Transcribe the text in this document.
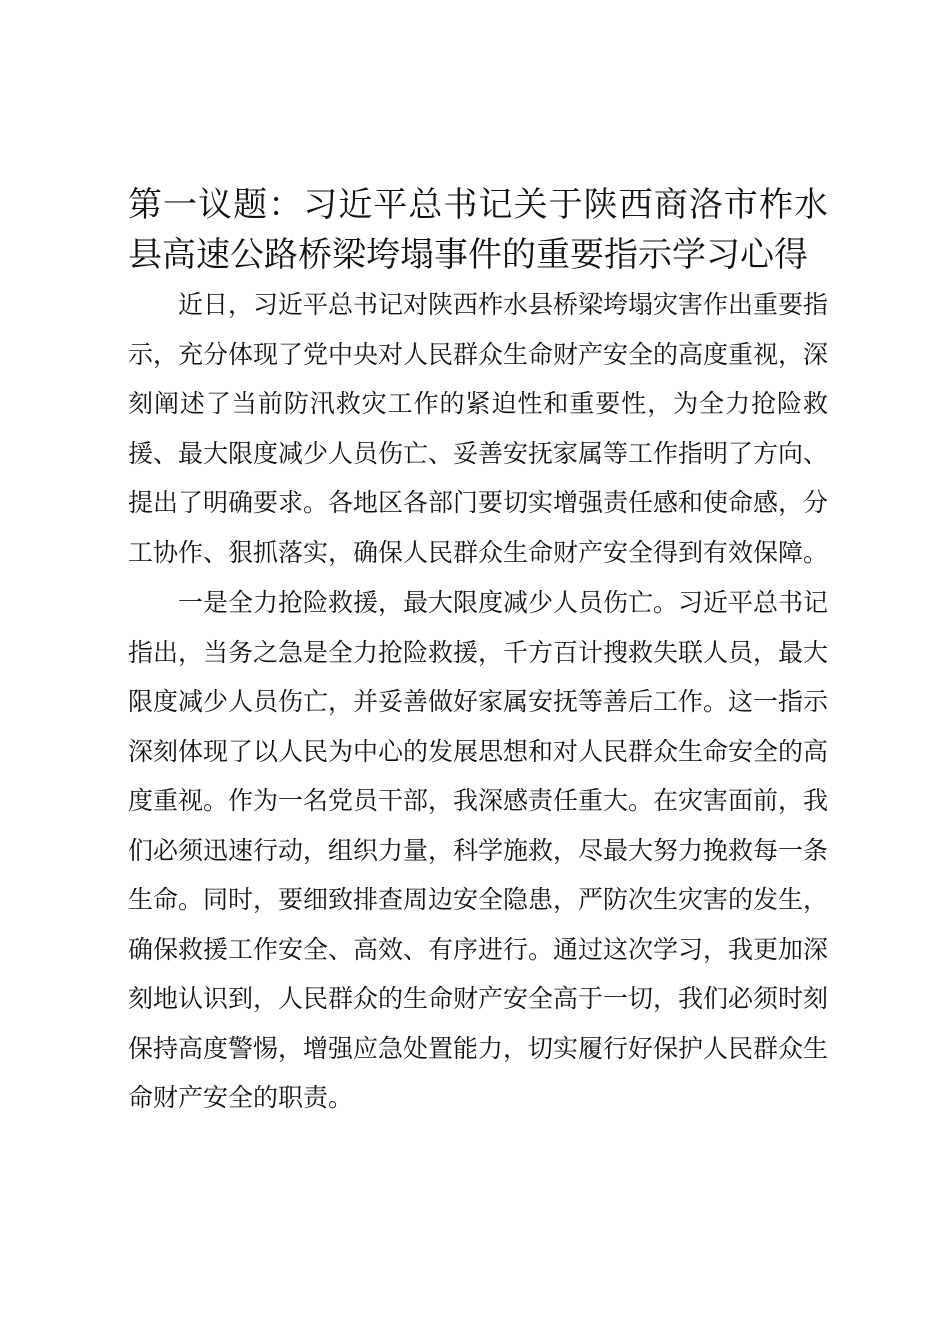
第一议题：习近平总书记关于陕西商洛市柞水县高速公路桥梁垮塌事件的重要指示学习心得

近日，习近平总书记对陕西柞水县桥梁垮塌灾害作出重要指示，充分体现了党中央对人民群众生命财产安全的高度重视，深刻阐述了当前防汛救灾工作的紧迫性和重要性，为全力抢险救援、最大限度减少人员伤亡、妥善安抚家属等工作指明了方向、提出了明确要求。各地区各部门要切实增强责任感和使命感，分工协作、狠抓落实，确保人民群众生命财产安全得到有效保障。

一是全力抢险救援，最大限度减少人员伤亡。习近平总书记指出，当务之急是全力抢险救援，千方百计搜救失联人员，最大限度减少人员伤亡，并妥善做好家属安抚等善后工作。这一指示深刻体现了以人民为中心的发展思想和对人民群众生命安全的高度重视。作为一名党员干部，我深感责任重大。在灾害面前，我们必须迅速行动，组织力量，科学施救，尽最大努力挽救每一条生命。同时，要细致排查周边安全隐患，严防次生灾害的发生，确保救援工作安全、高效、有序进行。通过这次学习，我更加深刻地认识到，人民群众的生命财产安全高于一切，我们必须时刻保持高度警惕，增强应急处置能力，切实履行好保护人民群众生命财产安全的职责。
